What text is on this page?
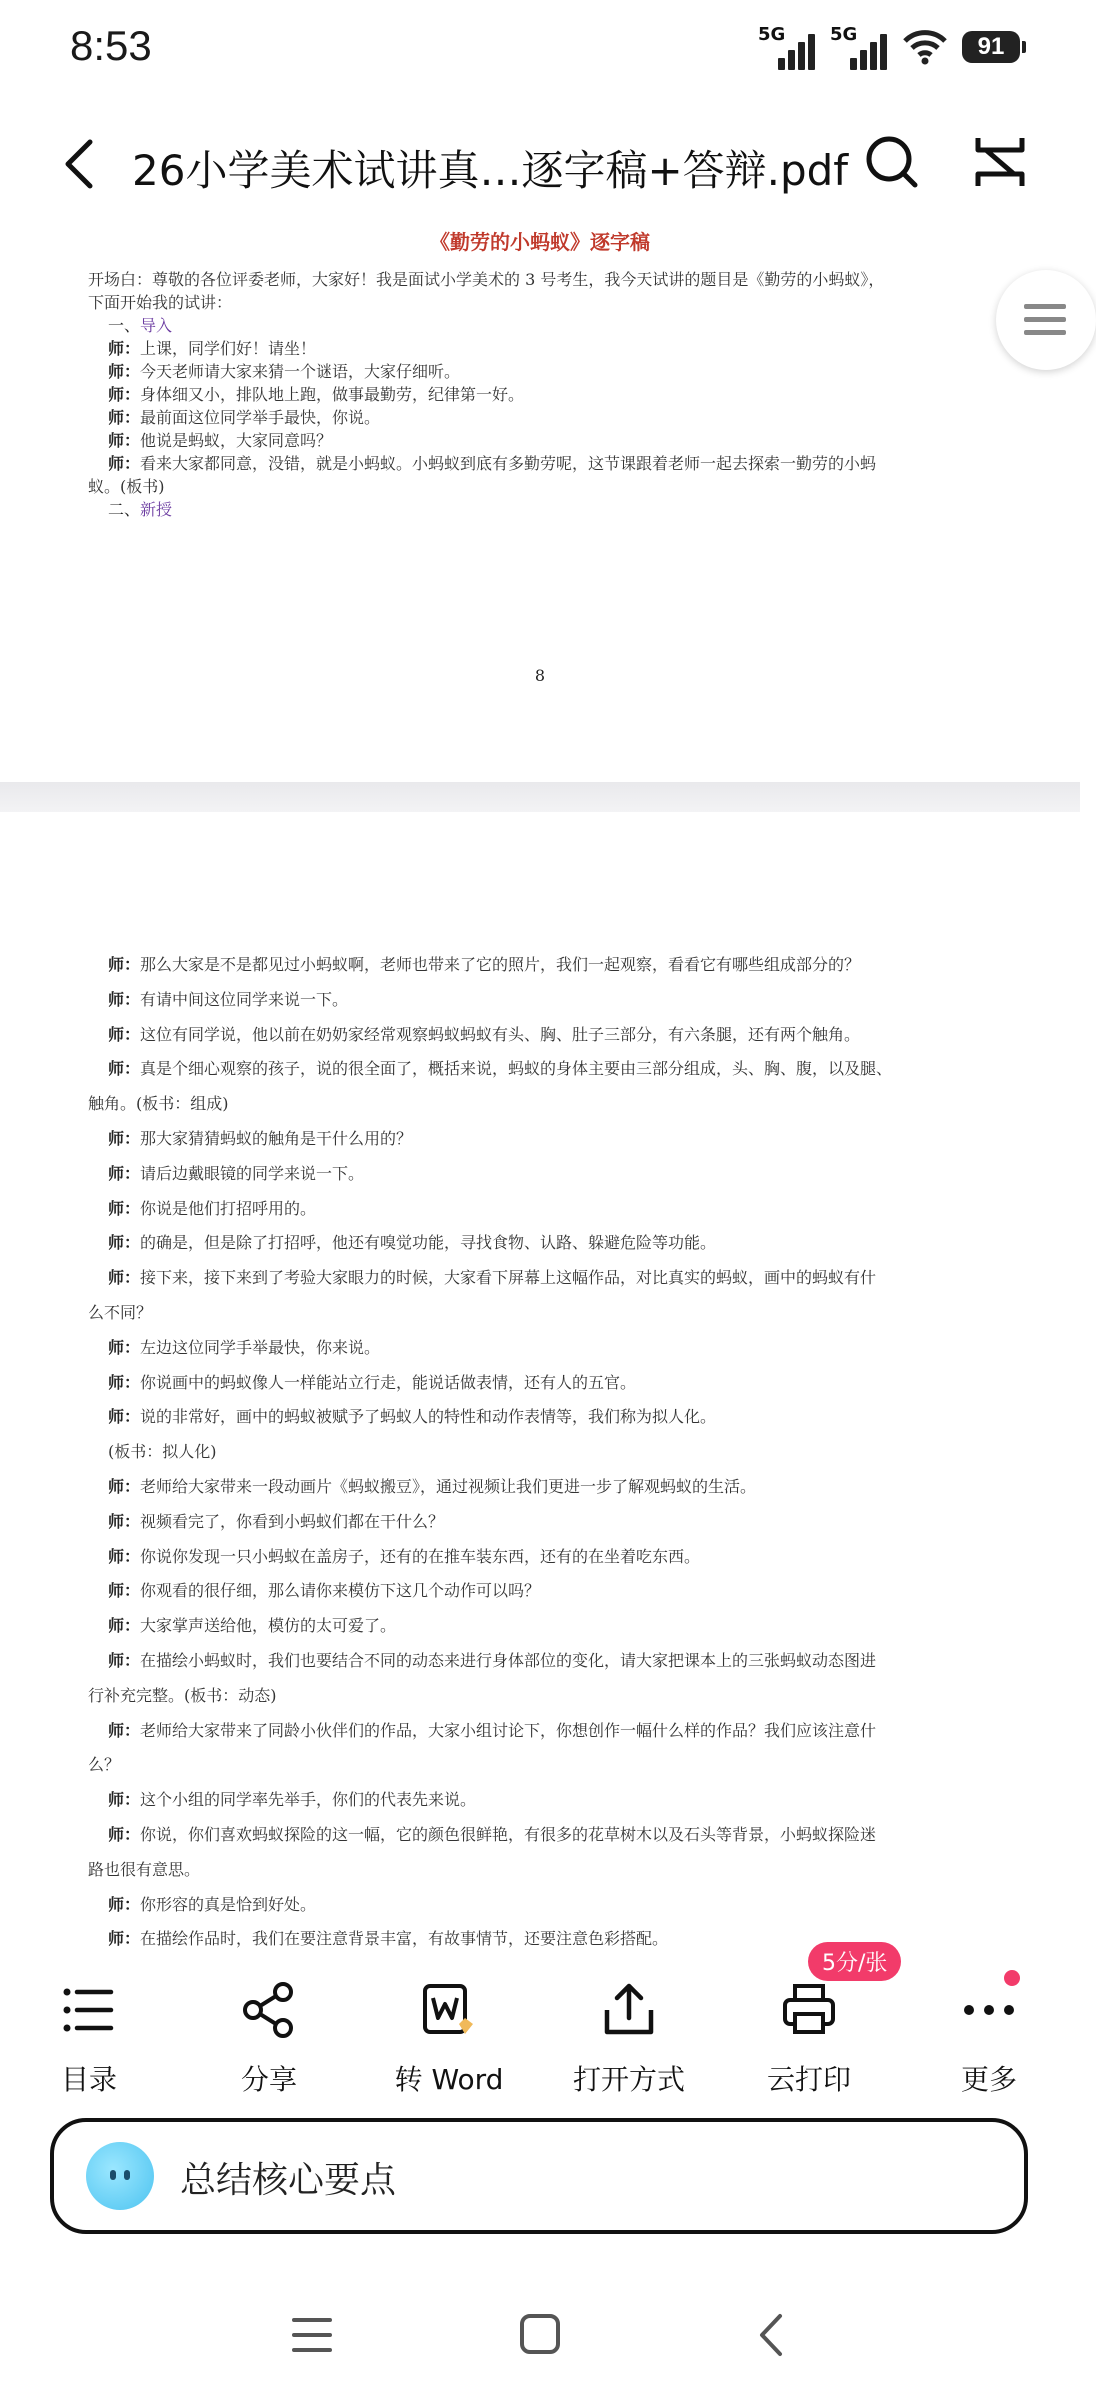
8:53	5G 5G	91
26小学美术试讲真…逐字稿+答辩.pdf
《勤劳的小蚂蚁》逐字稿
开场白：尊敬的各位评委老师，大家好！我是面试小学美术的 3 号考生，我今天试讲的题目是《勤劳的小蚂蚁》，
下面开始我的试讲：
一、导入
师：上课，同学们好！请坐！
师：今天老师请大家来猜一个谜语，大家仔细听。
师：身体细又小，排队地上跑，做事最勤劳，纪律第一好。
师：最前面这位同学举手最快，你说。
师：他说是蚂蚁，大家同意吗？
师：看来大家都同意，没错，就是小蚂蚁。小蚂蚁到底有多勤劳呢，这节课跟着老师一起去探索一勤劳的小蚂
蚁。(板书)
二、新授
8
师：那么大家是不是都见过小蚂蚁啊，老师也带来了它的照片，我们一起观察，看看它有哪些组成部分的？
师：有请中间这位同学来说一下。
师：这位有同学说，他以前在奶奶家经常观察蚂蚁蚂蚁有头、胸、肚子三部分，有六条腿，还有两个触角。
师：真是个细心观察的孩子，说的很全面了，概括来说，蚂蚁的身体主要由三部分组成，头、胸、腹，以及腿、
触角。(板书：组成)
师：那大家猜猜蚂蚁的触角是干什么用的？
师：请后边戴眼镜的同学来说一下。
师：你说是他们打招呼用的。
师：的确是，但是除了打招呼，他还有嗅觉功能，寻找食物、认路、躲避危险等功能。
师：接下来，接下来到了考验大家眼力的时候，大家看下屏幕上这幅作品，对比真实的蚂蚁，画中的蚂蚁有什
么不同？
师：左边这位同学手举最快，你来说。
师：你说画中的蚂蚁像人一样能站立行走，能说话做表情，还有人的五官。
师：说的非常好，画中的蚂蚁被赋予了蚂蚁人的特性和动作表情等，我们称为拟人化。
(板书：拟人化)
师：老师给大家带来一段动画片《蚂蚁搬豆》，通过视频让我们更进一步了解观蚂蚁的生活。
师：视频看完了，你看到小蚂蚁们都在干什么？
师：你说你发现一只小蚂蚁在盖房子，还有的在推车装东西，还有的在坐着吃东西。
师：你观看的很仔细，那么请你来模仿下这几个动作可以吗？
师：大家掌声送给他，模仿的太可爱了。
师：在描绘小蚂蚁时，我们也要结合不同的动态来进行身体部位的变化，请大家把课本上的三张蚂蚁动态图进
行补充完整。(板书：动态)
师：老师给大家带来了同龄小伙伴们的作品，大家小组讨论下，你想创作一幅什么样的作品？我们应该注意什
么？
师：这个小组的同学率先举手，你们的代表先来说。
师：你说，你们喜欢蚂蚁探险的这一幅，它的颜色很鲜艳，有很多的花草树木以及石头等背景，小蚂蚁探险迷
路也很有意思。
师：你形容的真是恰到好处。
师：在描绘作品时，我们在要注意背景丰富，有故事情节，还要注意色彩搭配。
目录	分享	转 Word	打开方式	云打印
5分/张
更多
总结核心要点
